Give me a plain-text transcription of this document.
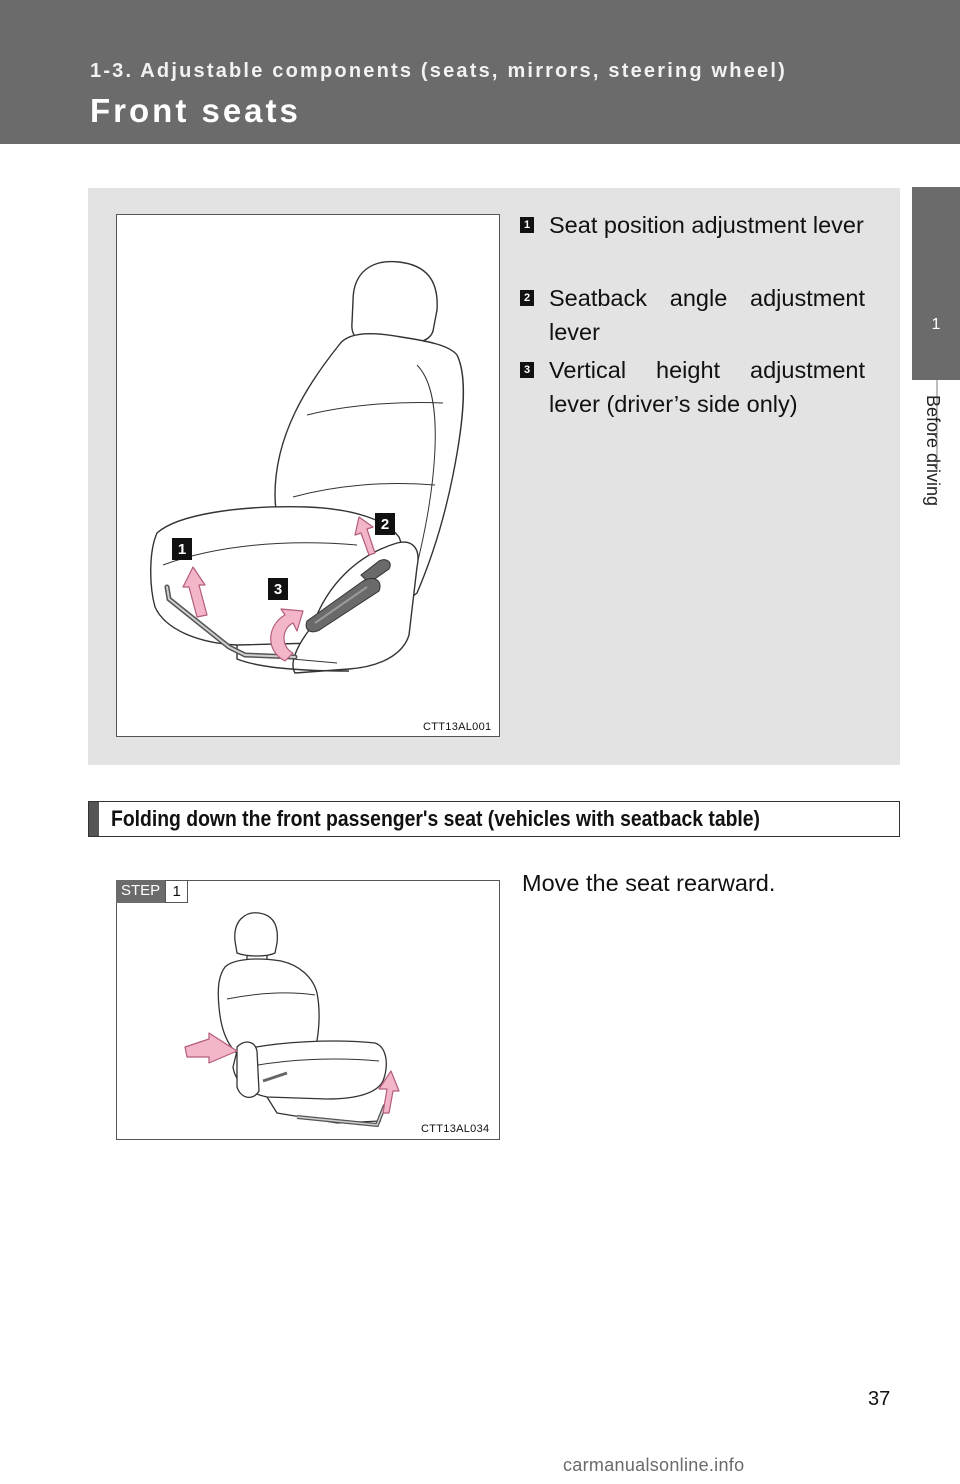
1-3. Adjustable components (seats, mirrors, steering wheel)
Front seats
1
Before driving
CTT13AL001
1
2
3
1 Seat position adjustment lever
2 Seatback angle adjustment lever
3 Vertical height adjustment lever (driver’s side only)
Folding down the front passenger's seat (vehicles with seatback table)
CTT13AL034
STEP 1	Move the seat rearward.
37
carmanualsonline.info
